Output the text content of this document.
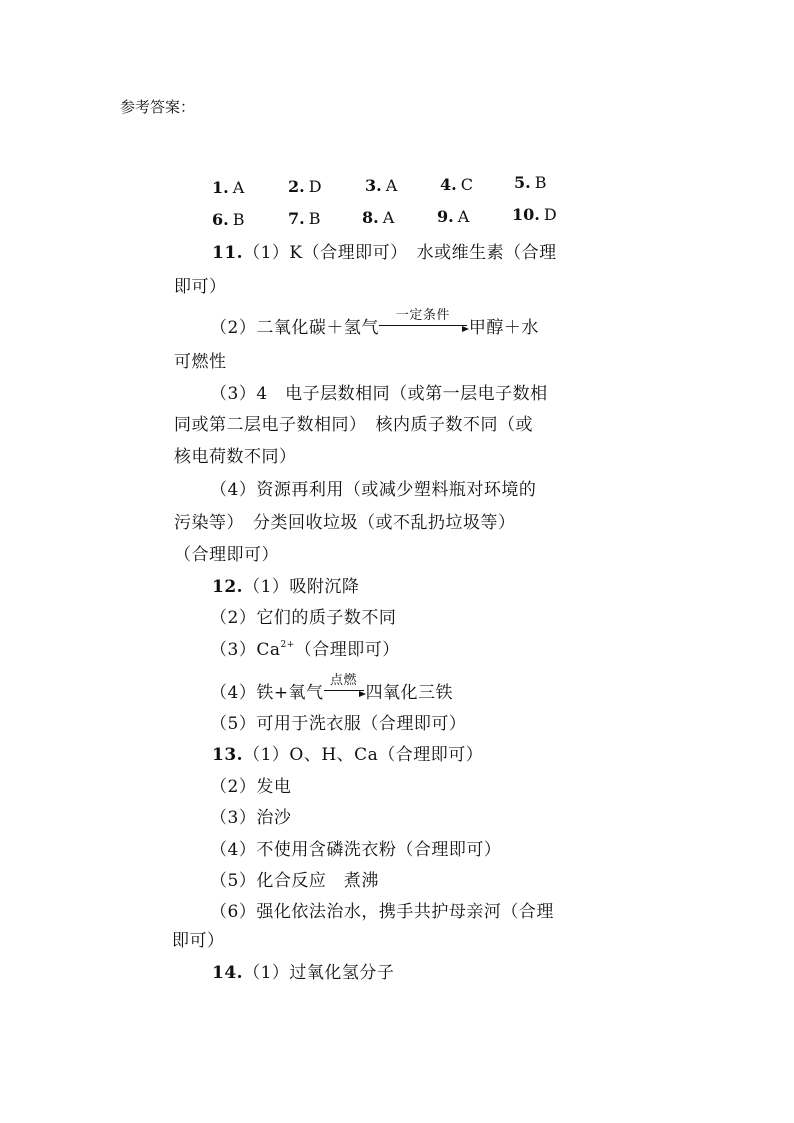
参考答案：
1. A	2. D	3. A	4. C	5. B
6. B	7. B	8. A	9. A	10. D
11.（1）K（合理即可）　水或维生素（合理
即可）
（2）二氧化碳＋氢气
一定条件
甲醇＋水
可燃性
（3）4　电子层数相同（或第一层电子数相
同或第二层电子数相同）　核内质子数不同（或
核电荷数不同）
（4）资源再利用（或减少塑料瓶对环境的
污染等）　分类回收垃圾（或不乱扔垃圾等）
（合理即可）
12.（1）吸附沉降
（2）它们的质子数不同
$(3)Ca^{2+}$（合理即可）
（4）铁+氧气
点燃
四氧化三铁
（5）可用于洗衣服（合理即可）
13.（1）O、H、Ca（合理即可）
（2）发电
（3）治沙
（4）不使用含磷洗衣粉（合理即可）
（5）化合反应　煮沸
（6）强化依法治水，携手共护母亲河（合理
即可）
14.（1）过氧化氢分子
